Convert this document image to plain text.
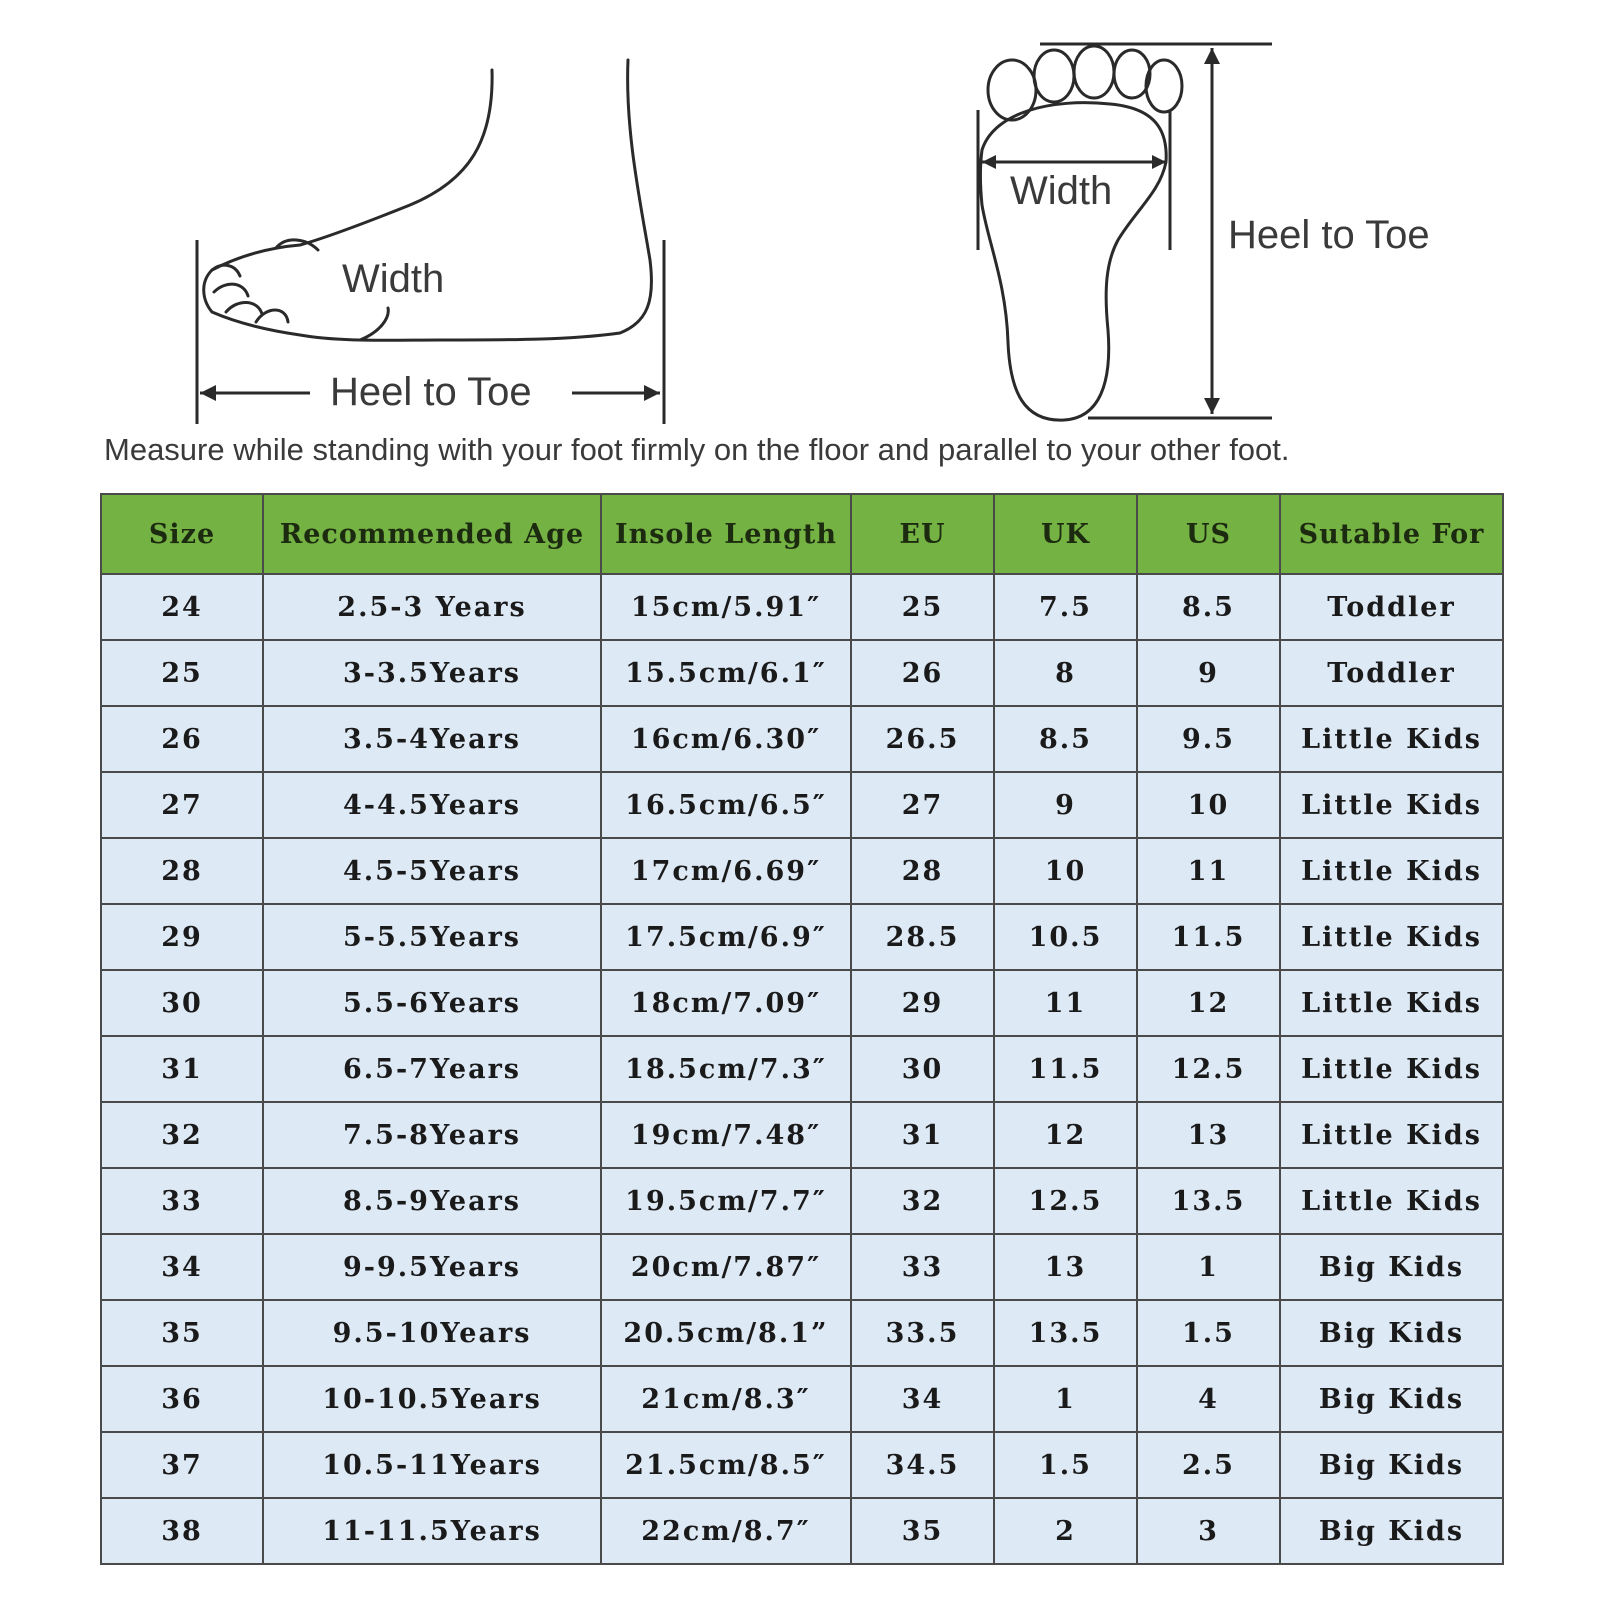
Width
Heel to Toe
Width
Heel to Toe
Measure while standing with your foot firmly on the floor and parallel to your other foot.
Size	Recommended Age	Insole Length	EU	UK	US	Sutable For
24	2.5-3 Years	15cm/5.91″	25	7.5	8.5	Toddler
25	3-3.5Years	15.5cm/6.1″	26	8	9	Toddler
26	3.5-4Years	16cm/6.30″	26.5	8.5	9.5	Little Kids
27	4-4.5Years	16.5cm/6.5″	27	9	10	Little Kids
28	4.5-5Years	17cm/6.69″	28	10	11	Little Kids
29	5-5.5Years	17.5cm/6.9″	28.5	10.5	11.5	Little Kids
30	5.5-6Years	18cm/7.09″	29	11	12	Little Kids
31	6.5-7Years	18.5cm/7.3″	30	11.5	12.5	Little Kids
32	7.5-8Years	19cm/7.48″	31	12	13	Little Kids
33	8.5-9Years	19.5cm/7.7″	32	12.5	13.5	Little Kids
34	9-9.5Years	20cm/7.87″	33	13	1	Big Kids
35	9.5-10Years	20.5cm/8.1”	33.5	13.5	1.5	Big Kids
36	10-10.5Years	21cm/8.3″	34	1	4	Big Kids
37	10.5-11Years	21.5cm/8.5″	34.5	1.5	2.5	Big Kids
38	11-11.5Years	22cm/8.7″	35	2	3	Big Kids
